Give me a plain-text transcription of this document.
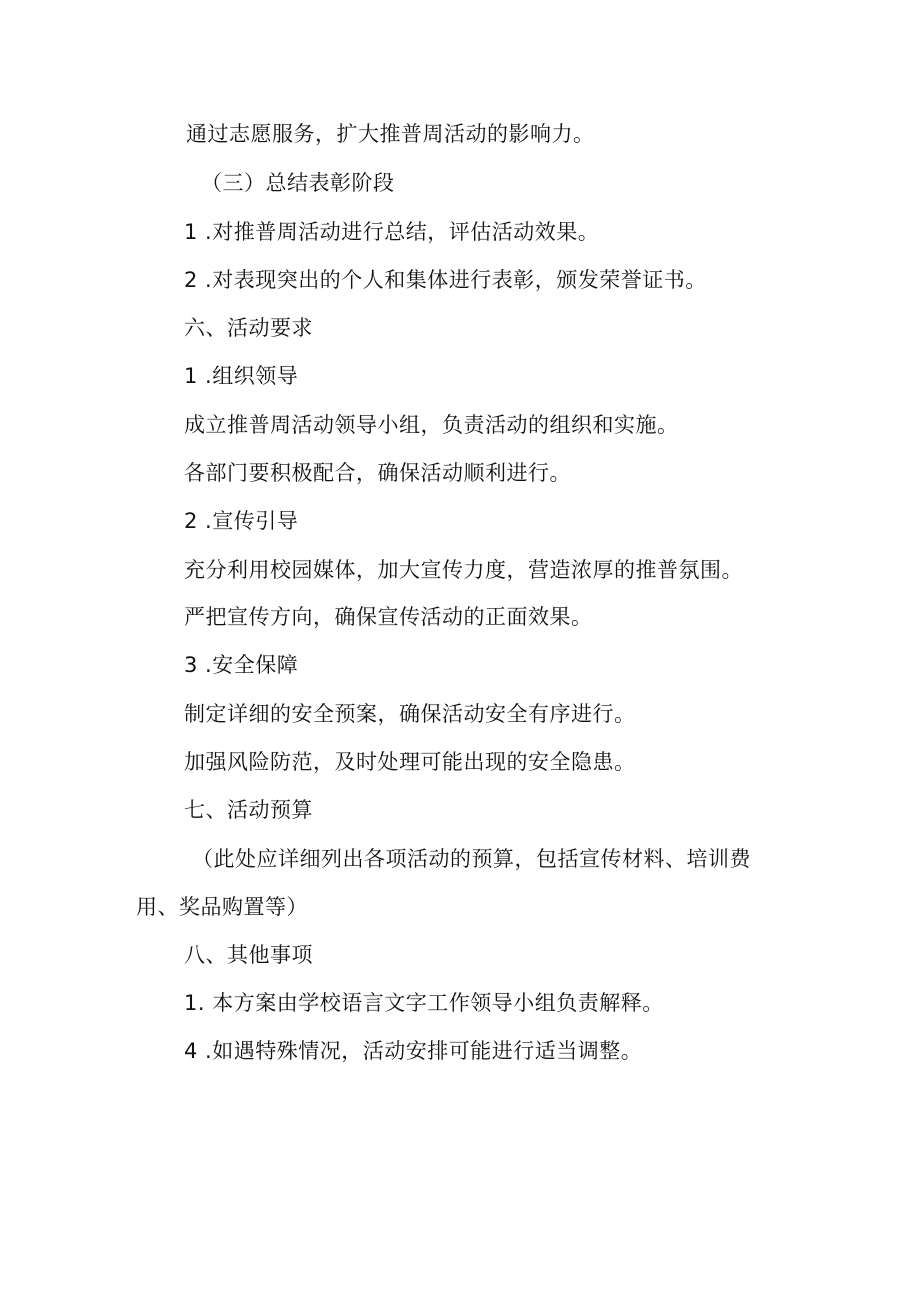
通过志愿服务，扩大推普周活动的影响力。
（三）总结表彰阶段
1 .对推普周活动进行总结，评估活动效果。
2 .对表现突出的个人和集体进行表彰，颁发荣誉证书。
六、活动要求
1 .组织领导
成立推普周活动领导小组，负责活动的组织和实施。
各部门要积极配合，确保活动顺利进行。
2 .宣传引导
充分利用校园媒体，加大宣传力度，营造浓厚的推普氛围。
严把宣传方向，确保宣传活动的正面效果。
3 .安全保障
制定详细的安全预案，确保活动安全有序进行。
加强风险防范，及时处理可能出现的安全隐患。
七、活动预算
（此处应详细列出各项活动的预算，包括宣传材料、培训费
用、奖品购置等）
八、其他事项
1. 本方案由学校语言文字工作领导小组负责解释。
4 .如遇特殊情况，活动安排可能进行适当调整。
